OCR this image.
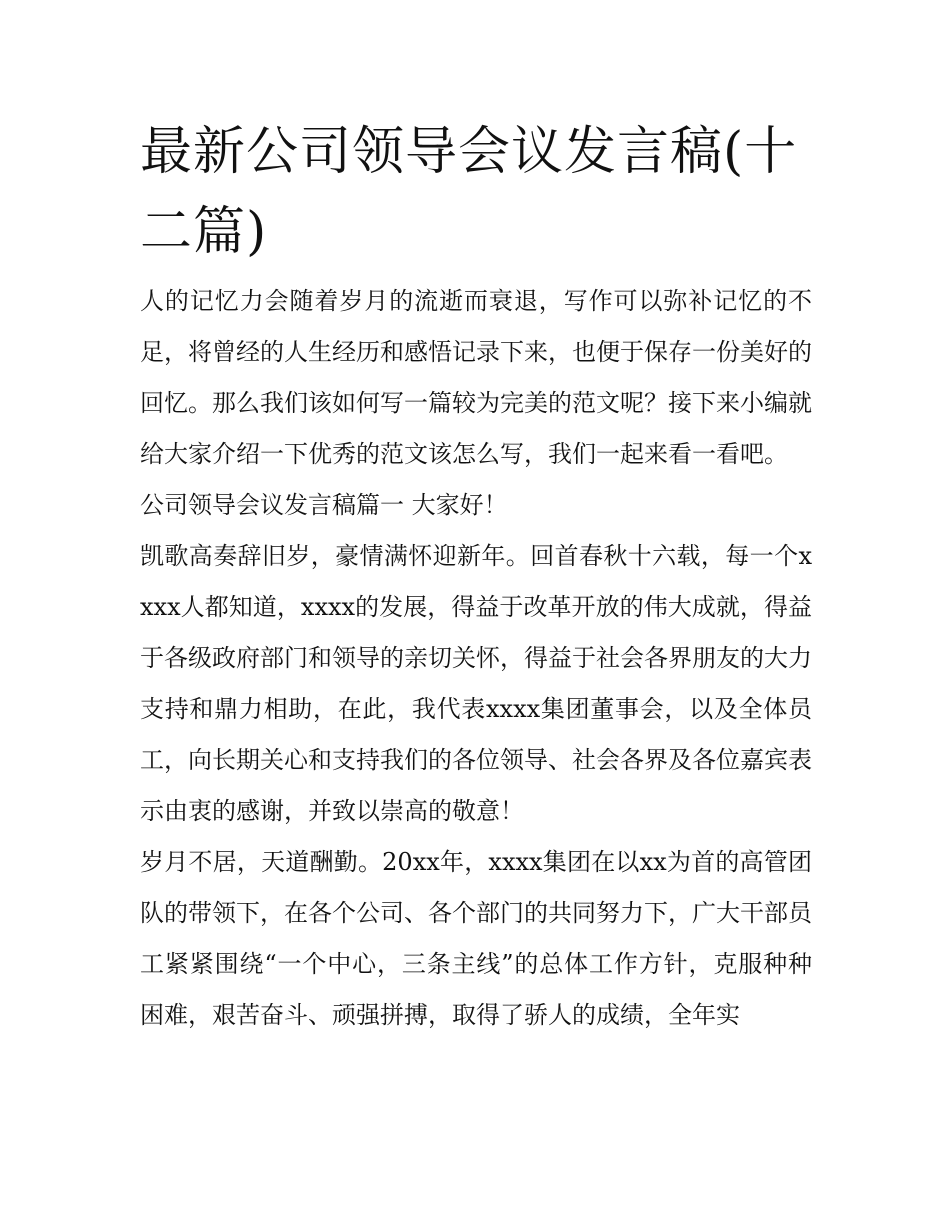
最新公司领导会议发言稿(十二篇)

人的记忆力会随着岁月的流逝而衰退，写作可以弥补记忆的不足，将曾经的人生经历和感悟记录下来，也便于保存一份美好的回忆。那么我们该如何写一篇较为完美的范文呢？接下来小编就给大家介绍一下优秀的范文该怎么写，我们一起来看一看吧。

公司领导会议发言稿篇一 大家好！

凯歌高奏辞旧岁，豪情满怀迎新年。回首春秋十六载，每一个xxxx人都知道，xxxx的发展，得益于改革开放的伟大成就，得益于各级政府部门和领导的亲切关怀，得益于社会各界朋友的大力支持和鼎力相助，在此，我代表xxxx集团董事会，以及全体员工，向长期关心和支持我们的各位领导、社会各界及各位嘉宾表示由衷的感谢，并致以崇高的敬意！

岁月不居，天道酬勤。20xx年，xxxx集团在以xx为首的高管团队的带领下，在各个公司、各个部门的共同努力下，广大干部员工紧紧围绕“一个中心，三条主线”的总体工作方针，克服种种困难，艰苦奋斗、顽强拼搏，取得了骄人的成绩，全年实
